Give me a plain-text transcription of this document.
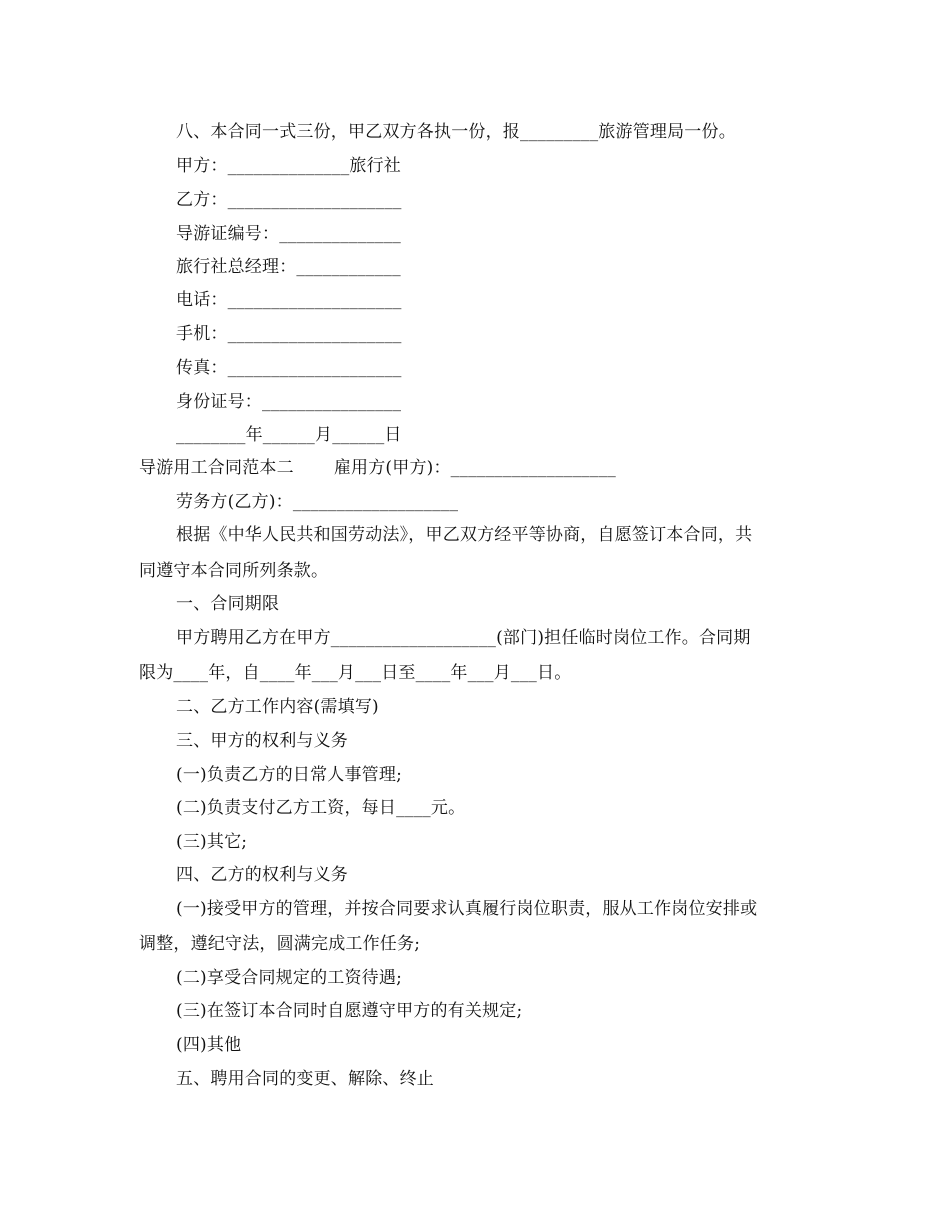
八、本合同一式三份，甲乙双方各执一份，报_________旅游管理局一份。
甲方：______________旅行社
乙方：____________________
导游证编号：______________
旅行社总经理：____________
电话：____________________
手机：____________________
传真：____________________
身份证号：________________
________年______月______日
导游用工合同范本二 雇用方(甲方)：___________________
劳务方(乙方)：___________________
根据《中华人民共和国劳动法》，甲乙双方经平等协商，自愿签订本合同，共
同遵守本合同所列条款。
一、合同期限
甲方聘用乙方在甲方___________________(部门)担任临时岗位工作。合同期
限为____年，自____年___月___日至____年___月___日。
二、乙方工作内容(需填写)
三、甲方的权利与义务
(一)负责乙方的日常人事管理;
(二)负责支付乙方工资，每日____元。
(三)其它;
四、乙方的权利与义务
(一)接受甲方的管理，并按合同要求认真履行岗位职责，服从工作岗位安排或
调整，遵纪守法，圆满完成工作任务;
(二)享受合同规定的工资待遇;
(三)在签订本合同时自愿遵守甲方的有关规定;
(四)其他
五、聘用合同的变更、解除、终止
